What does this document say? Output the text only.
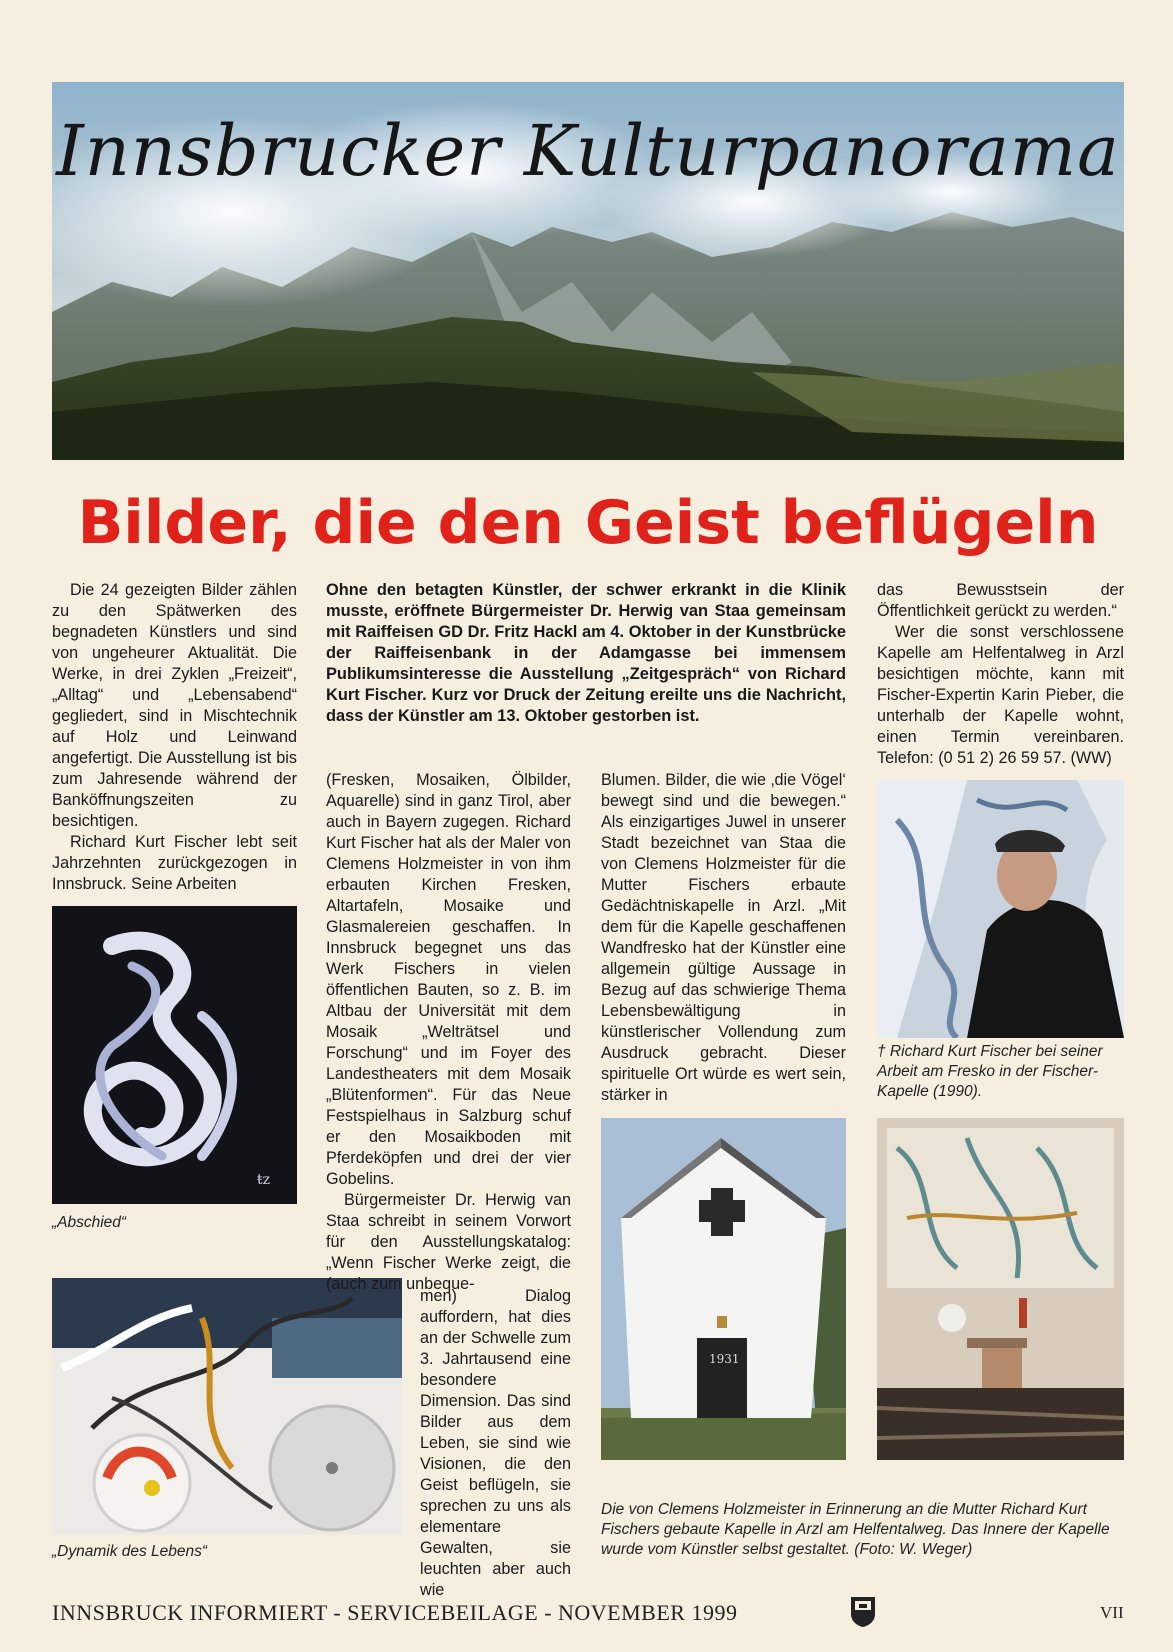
Innsbrucker Kulturpanorama
Bilder, die den Geist beflügeln

Die 24 gezeigten Bilder zählen zu den Spätwerken des begnadeten Künstlers und sind von ungeheurer Aktualität. Die Werke, in drei Zyklen „Freizeit“, „Alltag“ und „Lebensabend“ gegliedert, sind in Mischtechnik auf Holz und Leinwand angefertigt. Die Ausstellung ist bis zum Jahresende während der Banköffnungszeiten zu besichtigen.

Richard Kurt Fischer lebt seit Jahrzehnten zurückgezogen in Innsbruck. Seine Arbeiten

ŧz
„Abschied“
„Dynamik des Lebens“
Ohne den betagten Künstler, der schwer erkrankt in die Klinik musste, eröffnete Bürgermeister Dr. Herwig van Staa gemeinsam mit Raiffeisen GD Dr. Fritz Hackl am 4. Oktober in der Kunstbrücke der Raiffeisenbank in der Adamgasse bei immensem Publikumsinteresse die Ausstellung „Zeitgespräch“ von Richard Kurt Fischer. Kurz vor Druck der Zeitung ereilte uns die Nachricht, dass der Künstler am 13. Oktober gestorben ist.

(Fresken, Mosaiken, Ölbilder, Aquarelle) sind in ganz Tirol, aber auch in Bayern zugegen. Richard Kurt Fischer hat als der Maler von Clemens Holzmeister in von ihm erbauten Kirchen Fresken, Altartafeln, Mosaike und Glasmalereien geschaffen. In Innsbruck begegnet uns das Werk Fischers in vielen öffentlichen Bauten, so z. B. im Altbau der Universität mit dem Mosaik „Welträtsel und Forschung“ und im Foyer des Landestheaters mit dem Mosaik „Blütenformen“. Für das Neue Festspielhaus in Salzburg schuf er den Mosaikboden mit Pferdeköpfen und drei der vier Gobelins.

Bürgermeister Dr. Herwig van Staa schreibt in seinem Vorwort für den Ausstellungskatalog: „Wenn Fischer Werke zeigt, die (auch zum unbeque-

men) Dialog auffordern, hat dies an der Schwelle zum 3. Jahrtausend eine besondere Dimension. Das sind Bilder aus dem Leben, sie sind wie Visionen, die den Geist beflügeln, sie sprechen zu uns als elementare Gewalten, sie leuchten aber auch wie

Blumen. Bilder, die wie ‚die Vögel‘ bewegt sind und die bewegen.“ Als einzigartiges Juwel in unserer Stadt bezeichnet van Staa die von Clemens Holzmeister für die Mutter Fischers erbaute Gedächtniskapelle in Arzl. „Mit dem für die Kapelle geschaffenen Wandfresko hat der Künstler eine allgemein gültige Aussage in Bezug auf das schwierige Thema Lebensbewältigung in künstlerischer Vollendung zum Ausdruck gebracht. Dieser spirituelle Ort würde es wert sein, stärker in

das Bewusstsein der Öffentlichkeit gerückt zu werden.“

Wer die sonst verschlossene Kapelle am Helfentalweg in Arzl besichtigen möchte, kann mit Fischer-Expertin Karin Pieber, die unterhalb der Kapelle wohnt, einen Termin vereinbaren. Telefon: (0 51 2) 26 59 57. (WW)

† Richard Kurt Fischer bei seiner Arbeit am Fresko in der Fischer-Kapelle (1990).
1931
Die von Clemens Holzmeister in Erinnerung an die Mutter Richard Kurt Fischers gebaute Kapelle in Arzl am Helfentalweg. Das Innere der Kapelle wurde vom Künstler selbst gestaltet. (Foto: W. Weger)
INNSBRUCK INFORMIERT - SERVICEBEILAGE - NOVEMBER 1999	VII
